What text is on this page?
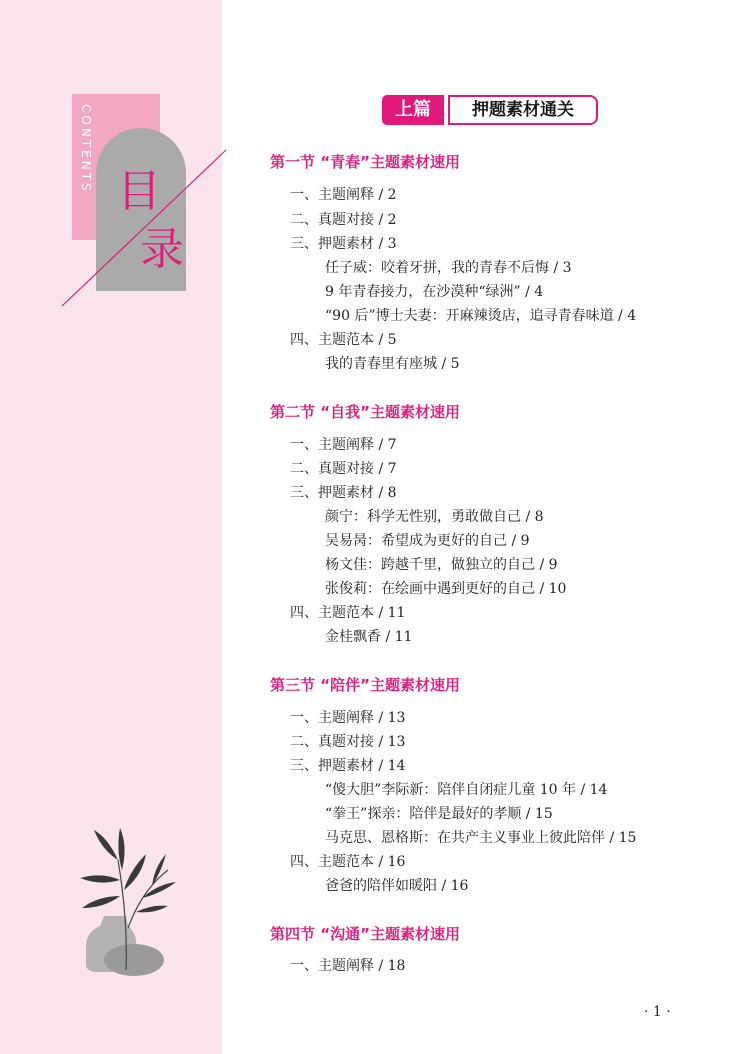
CONTENTS 目
录
上篇	押题素材通关
第一节 “青春”主题素材速用
一、主题阐释 / 2
二、真题对接 / 2
三、押题素材 / 3
任子威：咬着牙拼，我的青春不后悔 / 3
9 年青春接力，在沙漠种“绿洲” / 4
“90 后”博士夫妻：开麻辣烫店，追寻青春味道 / 4
四、主题范本 / 5
我的青春里有座城 / 5
第二节 “自我”主题素材速用
一、主题阐释 / 7
二、真题对接 / 7
三、押题素材 / 8
颜宁：科学无性别，勇敢做自己 / 8
吴易昺：希望成为更好的自己 / 9
杨文佳：跨越千里，做独立的自己 / 9
张俊莉：在绘画中遇到更好的自己 / 10
四、主题范本 / 11
金桂飘香 / 11
第三节 “陪伴”主题素材速用
一、主题阐释 / 13
二、真题对接 / 13
三、押题素材 / 14
“傻大胆”李际新：陪伴自闭症儿童 10 年 / 14
“拳王”探亲：陪伴是最好的孝顺 / 15
马克思、恩格斯：在共产主义事业上彼此陪伴 / 15
四、主题范本 / 16
爸爸的陪伴如暖阳 / 16
第四节 “沟通”主题素材速用
一、主题阐释 / 18
· 1 ·
